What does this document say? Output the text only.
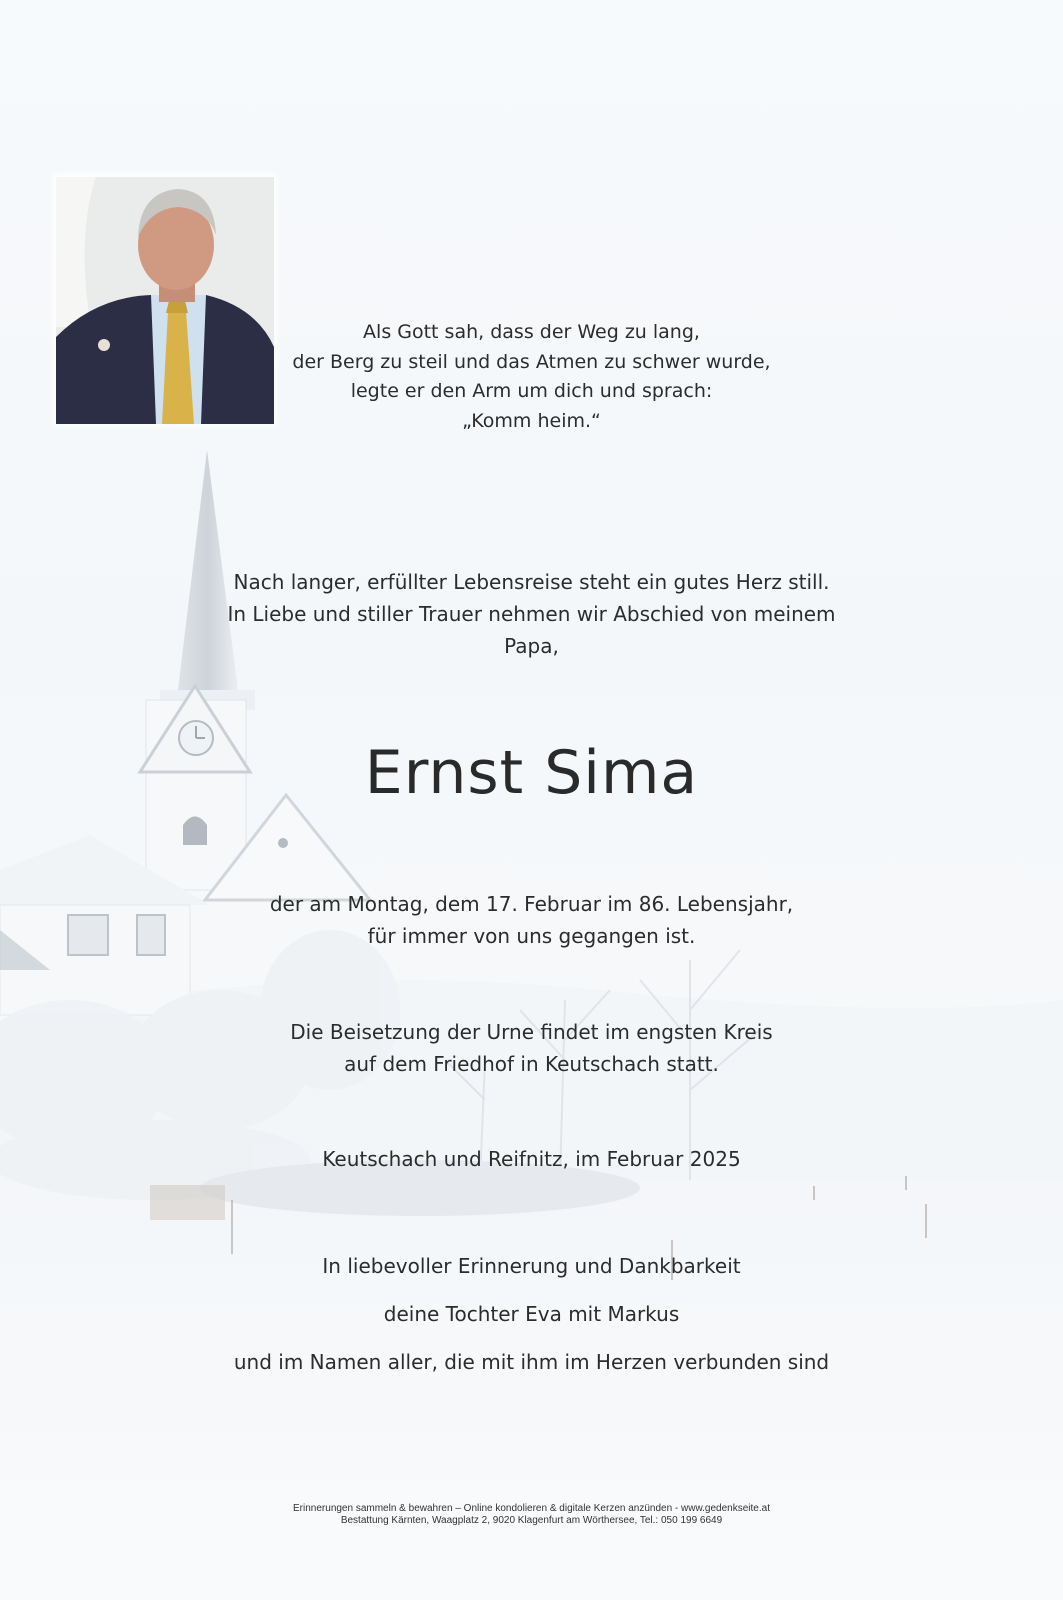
Als Gott sah, dass der Weg zu lang,
der Berg zu steil und das Atmen zu schwer wurde,
legte er den Arm um dich und sprach:
„Komm heim.“
Nach langer, erfüllter Lebensreise steht ein gutes Herz still.
In Liebe und stiller Trauer nehmen wir Abschied von meinem
Papa,
Ernst Sima
der am Montag, dem 17. Februar im 86. Lebensjahr,
für immer von uns gegangen ist.
Die Beisetzung der Urne findet im engsten Kreis
auf dem Friedhof in Keutschach statt.
Keutschach und Reifnitz, im Februar 2025
In liebevoller Erinnerung und Dankbarkeit
deine Tochter Eva mit Markus
und im Namen aller, die mit ihm im Herzen verbunden sind
Erinnerungen sammeln & bewahren – Online kondolieren & digitale Kerzen anzünden - www.gedenkseite.at
Bestattung Kärnten, Waagplatz 2, 9020 Klagenfurt am Wörthersee, Tel.: 050 199 6649
